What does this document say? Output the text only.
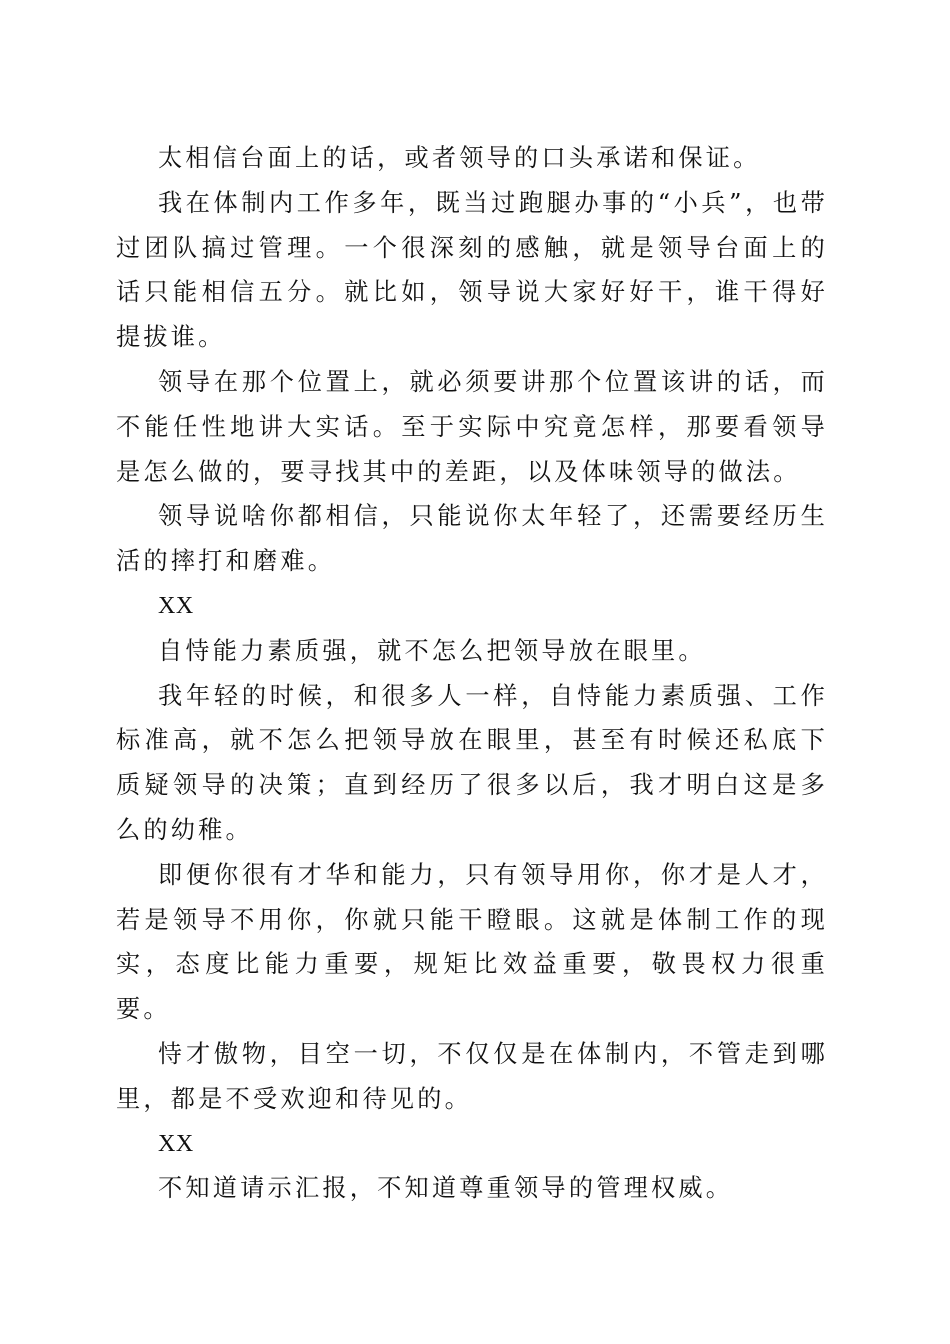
太相信台面上的话，或者领导的口头承诺和保证。

我在体制内工作多年，既当过跑腿办事的“小兵”，也带过团队搞过管理。一个很深刻的感触，就是领导台面上的话只能相信五分。就比如，领导说大家好好干，谁干得好提拔谁。

领导在那个位置上，就必须要讲那个位置该讲的话，而不能任性地讲大实话。至于实际中究竟怎样，那要看领导是怎么做的，要寻找其中的差距，以及体味领导的做法。

领导说啥你都相信，只能说你太年轻了，还需要经历生活的摔打和磨难。

XX

自恃能力素质强，就不怎么把领导放在眼里。

我年轻的时候，和很多人一样，自恃能力素质强、工作标准高，就不怎么把领导放在眼里，甚至有时候还私底下质疑领导的决策；直到经历了很多以后，我才明白这是多么的幼稚。

即便你很有才华和能力，只有领导用你，你才是人才，若是领导不用你，你就只能干瞪眼。这就是体制工作的现实，态度比能力重要，规矩比效益重要，敬畏权力很重要。

恃才傲物，目空一切，不仅仅是在体制内，不管走到哪里，都是不受欢迎和待见的。

XX

不知道请示汇报，不知道尊重领导的管理权威。
